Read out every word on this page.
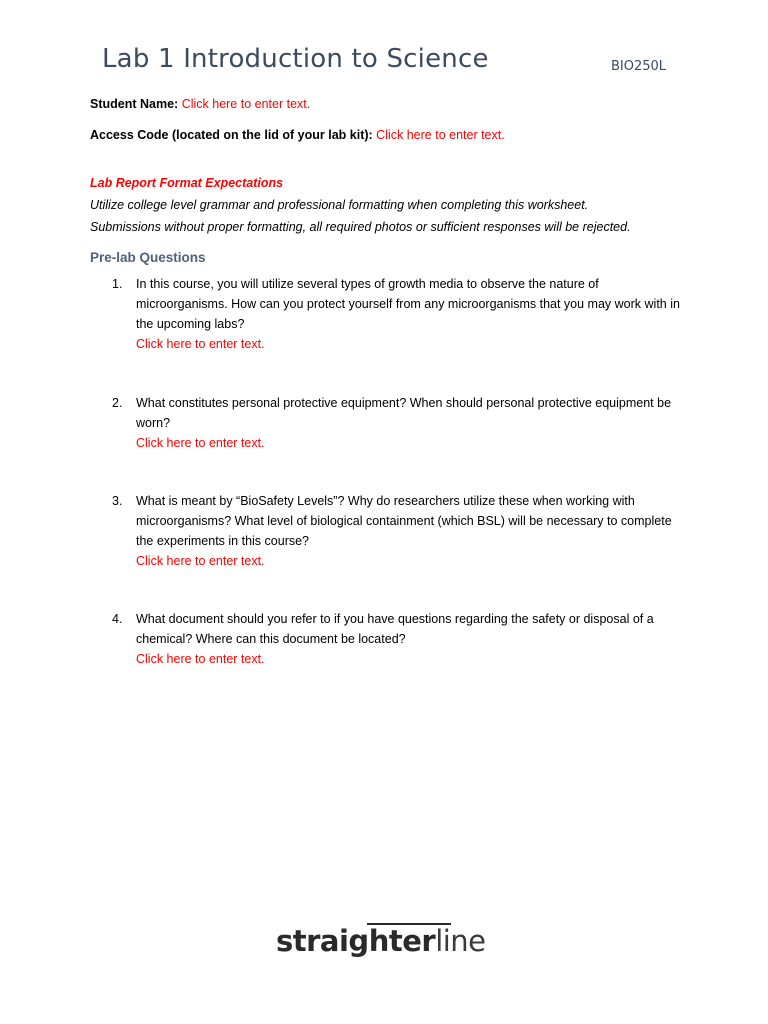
Lab 1 Introduction to Science	BIO250L
Student Name: Click here to enter text.
Access Code (located on the lid of your lab kit): Click here to enter text.
Lab Report Format Expectations
Utilize college level grammar and professional formatting when completing this worksheet.
Submissions without proper formatting, all required photos or sufficient responses will be rejected.
Pre-lab Questions
1.	In this course, you will utilize several types of growth media to observe the nature of microorganisms. How can you protect yourself from any microorganisms that you may work with in the upcoming labs?
Click here to enter text.
2.	What constitutes personal protective equipment? When should personal protective equipment be worn?
Click here to enter text.
3.	What is meant by “BioSafety Levels”? Why do researchers utilize these when working with microorganisms? What level of biological containment (which BSL) will be necessary to complete the experiments in this course?
Click here to enter text.
4.	What document should you refer to if you have questions regarding the safety or disposal of a chemical? Where can this document be located?
Click here to enter text.
straighterline
